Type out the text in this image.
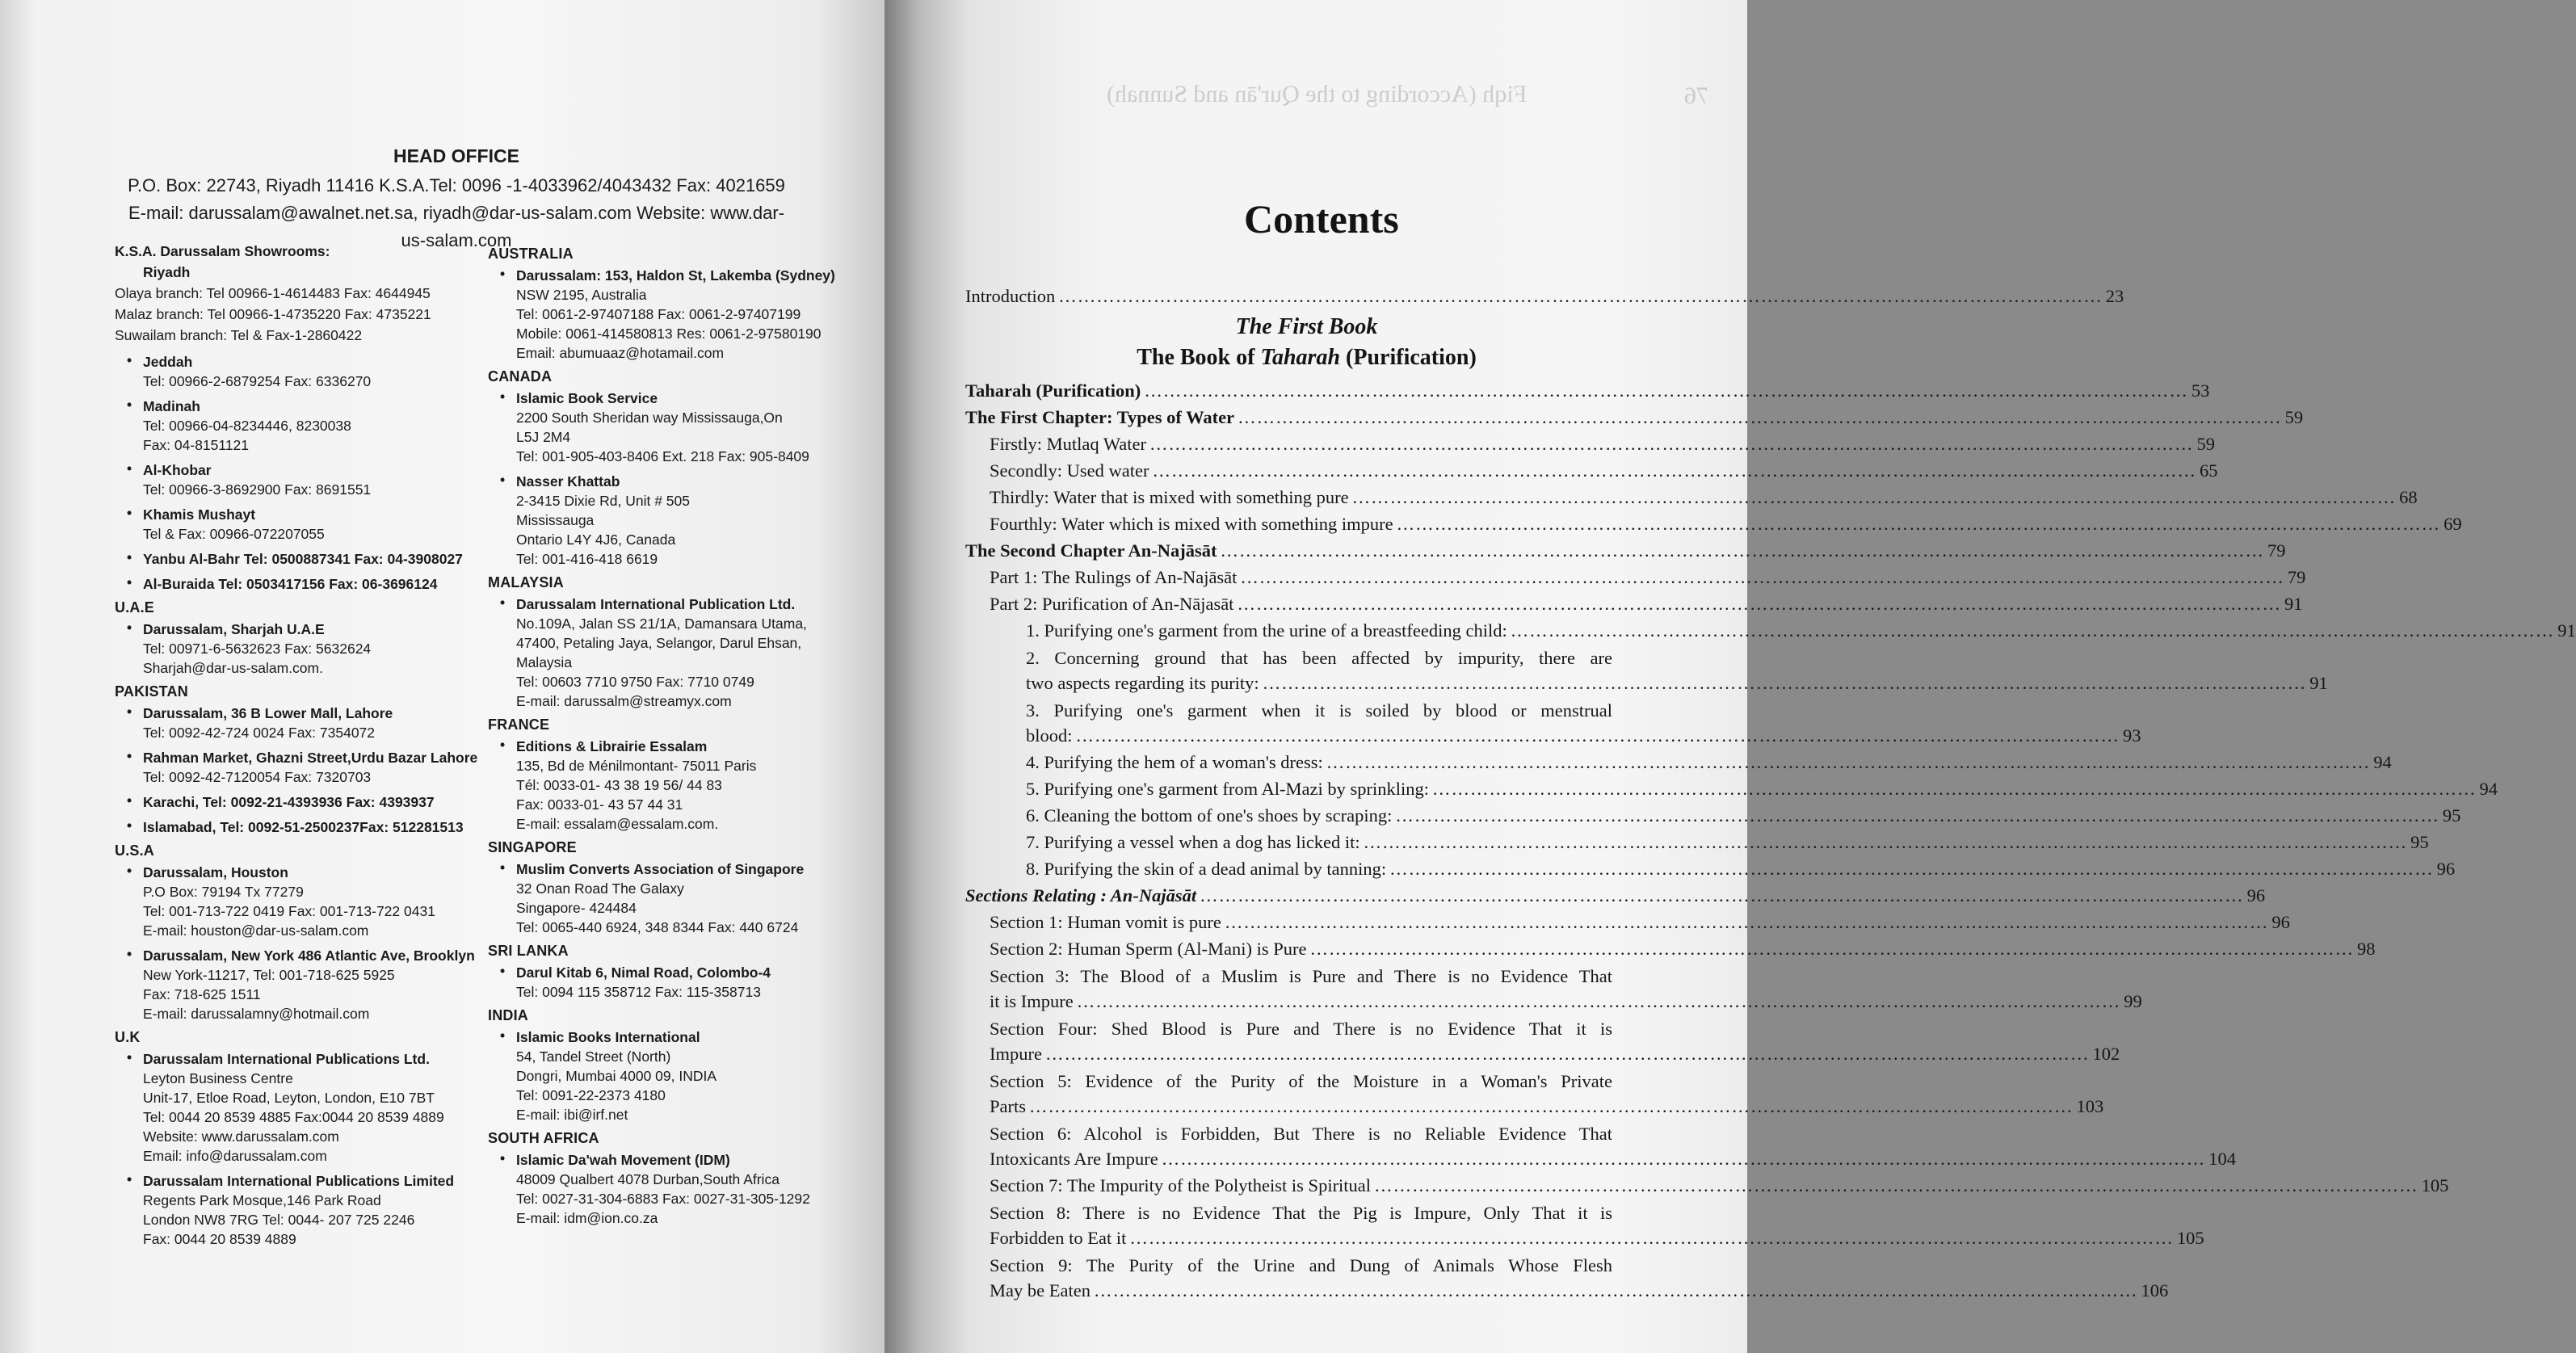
HEAD OFFICE
P.O. Box: 22743, Riyadh 11416 K.S.A.Tel: 0096 -1-4033962/4043432 Fax: 4021659
E-mail: darussalam@awalnet.net.sa, riyadh@dar-us-salam.com Website: www.dar-us-salam.com
K.S.A. Darussalam Showrooms:
Riyadh
Olaya branch: Tel 00966-1-4614483 Fax: 4644945
Malaz branch: Tel 00966-1-4735220 Fax: 4735221
Suwailam branch: Tel & Fax-1-2860422
• Jeddah
Tel: 00966-2-6879254 Fax: 6336270
• Madinah
Tel: 00966-04-8234446, 8230038
Fax: 04-8151121
• Al-Khobar
Tel: 00966-3-8692900 Fax: 8691551
• Khamis Mushayt
Tel & Fax: 00966-072207055
• Yanbu Al-Bahr Tel: 0500887341 Fax: 04-3908027
• Al-Buraida Tel: 0503417156 Fax: 06-3696124
U.A.E
• Darussalam, Sharjah U.A.E
Tel: 00971-6-5632623 Fax: 5632624
Sharjah@dar-us-salam.com.
PAKISTAN
• Darussalam, 36 B Lower Mall, Lahore
Tel: 0092-42-724 0024 Fax: 7354072
• Rahman Market, Ghazni Street,Urdu Bazar Lahore
Tel: 0092-42-7120054 Fax: 7320703
• Karachi, Tel: 0092-21-4393936 Fax: 4393937
• Islamabad, Tel: 0092-51-2500237Fax: 512281513
U.S.A
• Darussalam, Houston
P.O Box: 79194 Tx 77279
Tel: 001-713-722 0419 Fax: 001-713-722 0431
E-mail: houston@dar-us-salam.com
• Darussalam, New York 486 Atlantic Ave, Brooklyn
New York-11217, Tel: 001-718-625 5925
Fax: 718-625 1511
E-mail: darussalamny@hotmail.com
U.K
• Darussalam International Publications Ltd.
Leyton Business Centre
Unit-17, Etloe Road, Leyton, London, E10 7BT
Tel: 0044 20 8539 4885 Fax:0044 20 8539 4889
Website: www.darussalam.com
Email: info@darussalam.com
• Darussalam International Publications Limited
Regents Park Mosque,146 Park Road
London NW8 7RG Tel: 0044- 207 725 2246
Fax: 0044 20 8539 4889
AUSTRALIA
• Darussalam: 153, Haldon St, Lakemba (Sydney)
NSW 2195, Australia
Tel: 0061-2-97407188 Fax: 0061-2-97407199
Mobile: 0061-414580813 Res: 0061-2-97580190
Email: abumuaaz@hotamail.com
CANADA
• Islamic Book Service
2200 South Sheridan way Mississauga,On
L5J 2M4
Tel: 001-905-403-8406 Ext. 218 Fax: 905-8409
• Nasser Khattab
2-3415 Dixie Rd, Unit # 505
Mississauga
Ontario L4Y 4J6, Canada
Tel: 001-416-418 6619
MALAYSIA
• Darussalam International Publication Ltd.
No.109A, Jalan SS 21/1A, Damansara Utama,
47400, Petaling Jaya, Selangor, Darul Ehsan, Malaysia
Tel: 00603 7710 9750 Fax: 7710 0749
E-mail: darussalm@streamyx.com
FRANCE
• Editions & Librairie Essalam
135, Bd de Ménilmontant- 75011 Paris
Tél: 0033-01- 43 38 19 56/ 44 83
Fax: 0033-01- 43 57 44 31
E-mail: essalam@essalam.com.
SINGAPORE
• Muslim Converts Association of Singapore
32 Onan Road The Galaxy
Singapore- 424484
Tel: 0065-440 6924, 348 8344 Fax: 440 6724
SRI LANKA
• Darul Kitab 6, Nimal Road, Colombo-4
Tel: 0094 115 358712 Fax: 115-358713
INDIA
• Islamic Books International
54, Tandel Street (North)
Dongri, Mumbai 4000 09, INDIA
Tel: 0091-22-2373 4180
E-mail: ibi@irf.net
SOUTH AFRICA
• Islamic Da'wah Movement (IDM)
48009 Qualbert 4078 Durban,South Africa
Tel: 0027-31-304-6883 Fax: 0027-31-305-1292
E-mail: idm@ion.co.za
Fiqh (According to the Qur'ān and Sunnah)	76
Contents
Introduction ………………………………………………………………………………………………………………………………………………… 23
The First Book
The Book of Taharah (Purification)
Taharah (Purification) ………………………………………………………………………………………………………………………………………………… 53
The First Chapter: Types of Water ………………………………………………………………………………………………………………………………………………… 59
Firstly: Mutlaq Water ………………………………………………………………………………………………………………………………………………… 59
Secondly: Used water ………………………………………………………………………………………………………………………………………………… 65
Thirdly: Water that is mixed with something pure ………………………………………………………………………………………………………………………………………………… 68
Fourthly: Water which is mixed with something impure ………………………………………………………………………………………………………………………………………………… 69
The Second Chapter An-Najāsāt ………………………………………………………………………………………………………………………………………………… 79
Part 1: The Rulings of An-Najāsāt ………………………………………………………………………………………………………………………………………………… 79
Part 2: Purification of An-Nājasāt ………………………………………………………………………………………………………………………………………………… 91
1. Purifying one's garment from the urine of a breastfeeding child: ………………………………………………………………………………………………………………………………………………… 91
2. Concerning ground that has been affected by impurity, there are
two aspects regarding its purity: ………………………………………………………………………………………………………………………………………………… 91
3. Purifying one's garment when it is soiled by blood or menstrual
blood: ………………………………………………………………………………………………………………………………………………… 93
4. Purifying the hem of a woman's dress: ………………………………………………………………………………………………………………………………………………… 94
5. Purifying one's garment from Al-Mazi by sprinkling: ………………………………………………………………………………………………………………………………………………… 94
6. Cleaning the bottom of one's shoes by scraping: ………………………………………………………………………………………………………………………………………………… 95
7. Purifying a vessel when a dog has licked it: ………………………………………………………………………………………………………………………………………………… 95
8. Purifying the skin of a dead animal by tanning: ………………………………………………………………………………………………………………………………………………… 96
Sections Relating : An-Najāsāt ………………………………………………………………………………………………………………………………………………… 96
Section 1: Human vomit is pure ………………………………………………………………………………………………………………………………………………… 96
Section 2: Human Sperm (Al-Mani) is Pure ………………………………………………………………………………………………………………………………………………… 98
Section 3: The Blood of a Muslim is Pure and There is no Evidence That
it is Impure ………………………………………………………………………………………………………………………………………………… 99
Section Four: Shed Blood is Pure and There is no Evidence That it is
Impure ………………………………………………………………………………………………………………………………………………… 102
Section 5: Evidence of the Purity of the Moisture in a Woman's Private
Parts ………………………………………………………………………………………………………………………………………………… 103
Section 6: Alcohol is Forbidden, But There is no Reliable Evidence That
Intoxicants Are Impure ………………………………………………………………………………………………………………………………………………… 104
Section 7: The Impurity of the Polytheist is Spiritual ………………………………………………………………………………………………………………………………………………… 105
Section 8: There is no Evidence That the Pig is Impure, Only That it is
Forbidden to Eat it ………………………………………………………………………………………………………………………………………………… 105
Section 9: The Purity of the Urine and Dung of Animals Whose Flesh
May be Eaten ………………………………………………………………………………………………………………………………………………… 106
